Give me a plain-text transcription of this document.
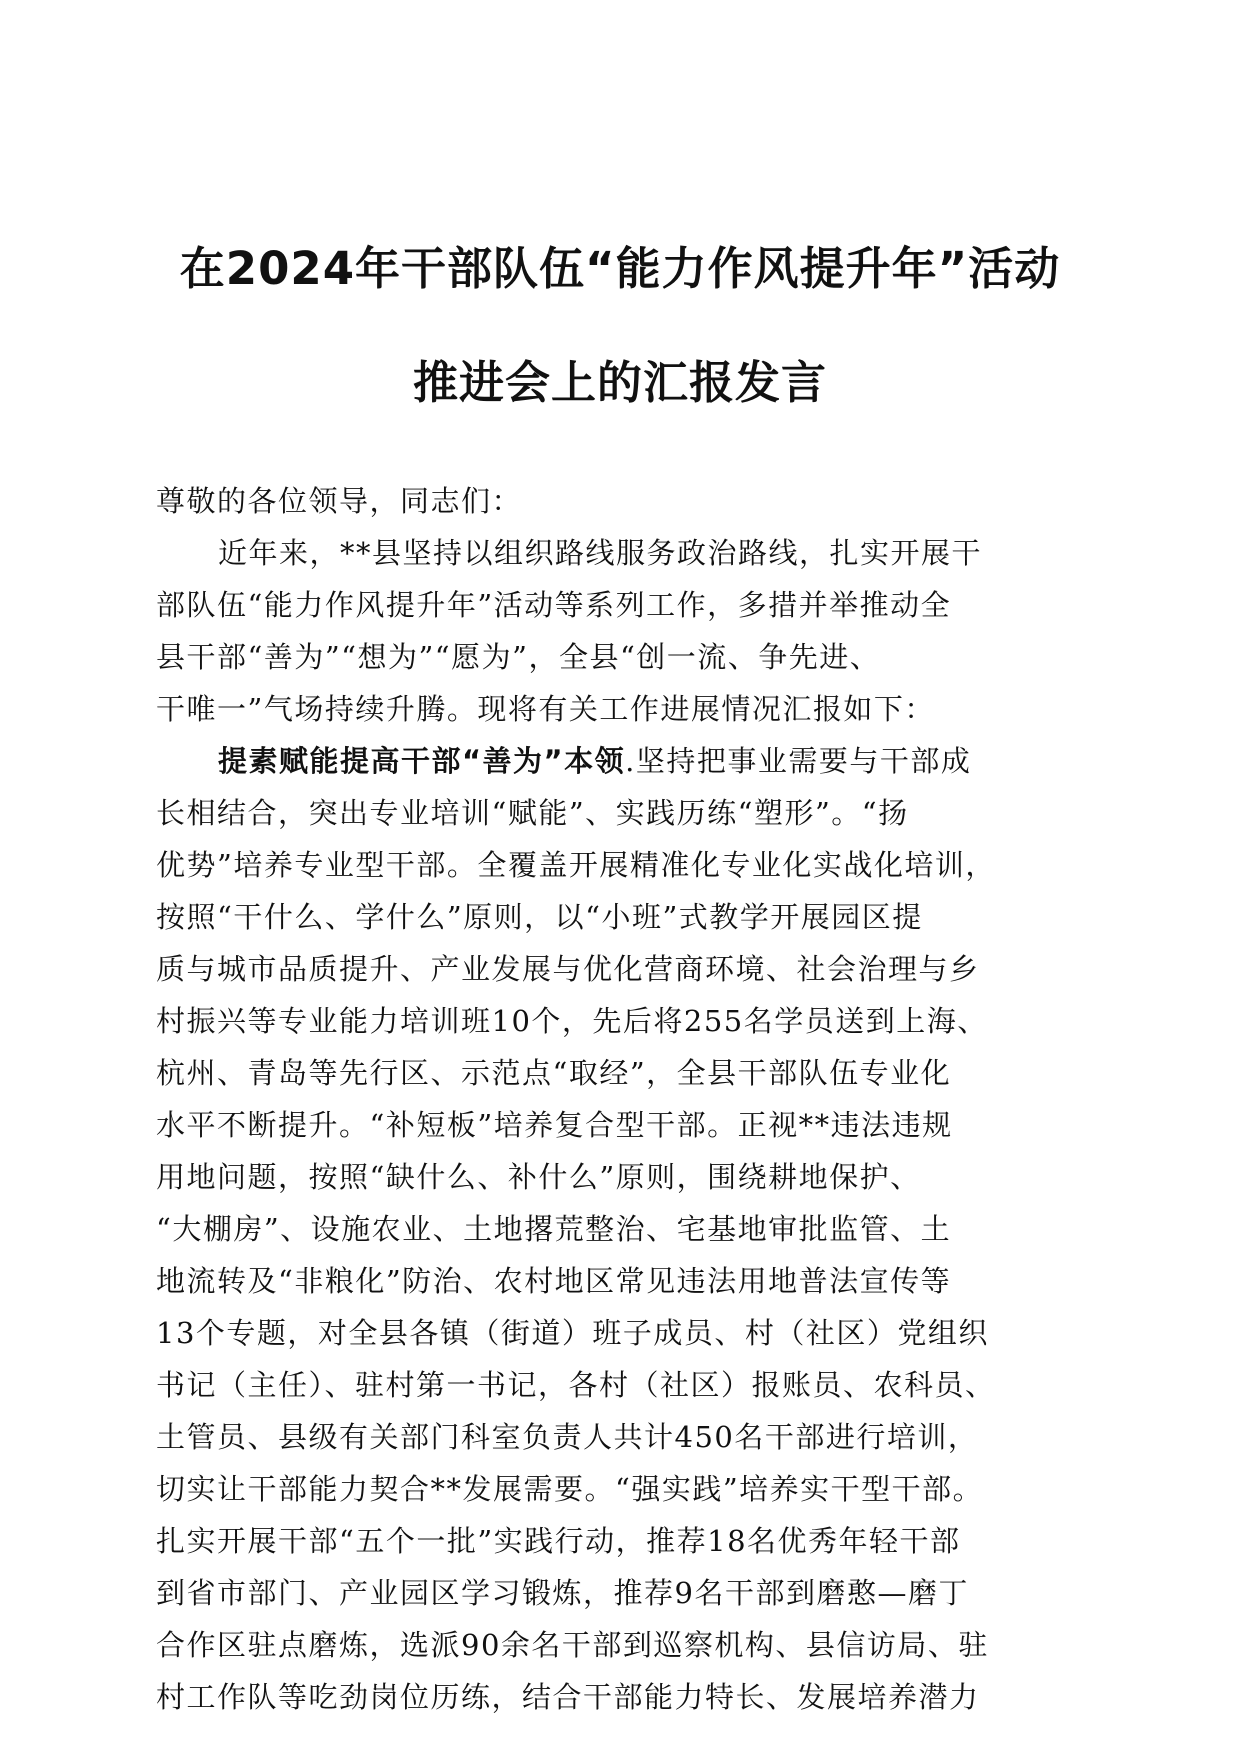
在2024年干部队伍“能力作风提升年”活动
推进会上的汇报发言
尊敬的各位领导，同志们：
近年来，**县坚持以组织路线服务政治路线，扎实开展干
部队伍“能力作风提升年”活动等系列工作，多措并举推动全
县干部“善为”“想为”“愿为”，全县“创一流、争先进、
干唯一”气场持续升腾。现将有关工作进展情况汇报如下：
提素赋能提高干部“善为”本领.坚持把事业需要与干部成
长相结合，突出专业培训“赋能”、实践历练“塑形”。“扬
优势”培养专业型干部。全覆盖开展精准化专业化实战化培训，
按照“干什么、学什么”原则，以“小班”式教学开展园区提
质与城市品质提升、产业发展与优化营商环境、社会治理与乡
村振兴等专业能力培训班10个，先后将255名学员送到上海、
杭州、青岛等先行区、示范点“取经”，全县干部队伍专业化
水平不断提升。“补短板”培养复合型干部。正视**违法违规
用地问题，按照“缺什么、补什么”原则，围绕耕地保护、
“大棚房”、设施农业、土地撂荒整治、宅基地审批监管、土
地流转及“非粮化”防治、农村地区常见违法用地普法宣传等
13个专题，对全县各镇（街道）班子成员、村（社区）党组织
书记（主任）、驻村第一书记，各村（社区）报账员、农科员、
土管员、县级有关部门科室负责人共计450名干部进行培训，
切实让干部能力契合**发展需要。“强实践”培养实干型干部。
扎实开展干部“五个一批”实践行动，推荐18名优秀年轻干部
到省市部门、产业园区学习锻炼，推荐9名干部到磨憨—磨丁
合作区驻点磨炼，选派90余名干部到巡察机构、县信访局、驻
村工作队等吃劲岗位历练，结合干部能力特长、发展培养潜力
